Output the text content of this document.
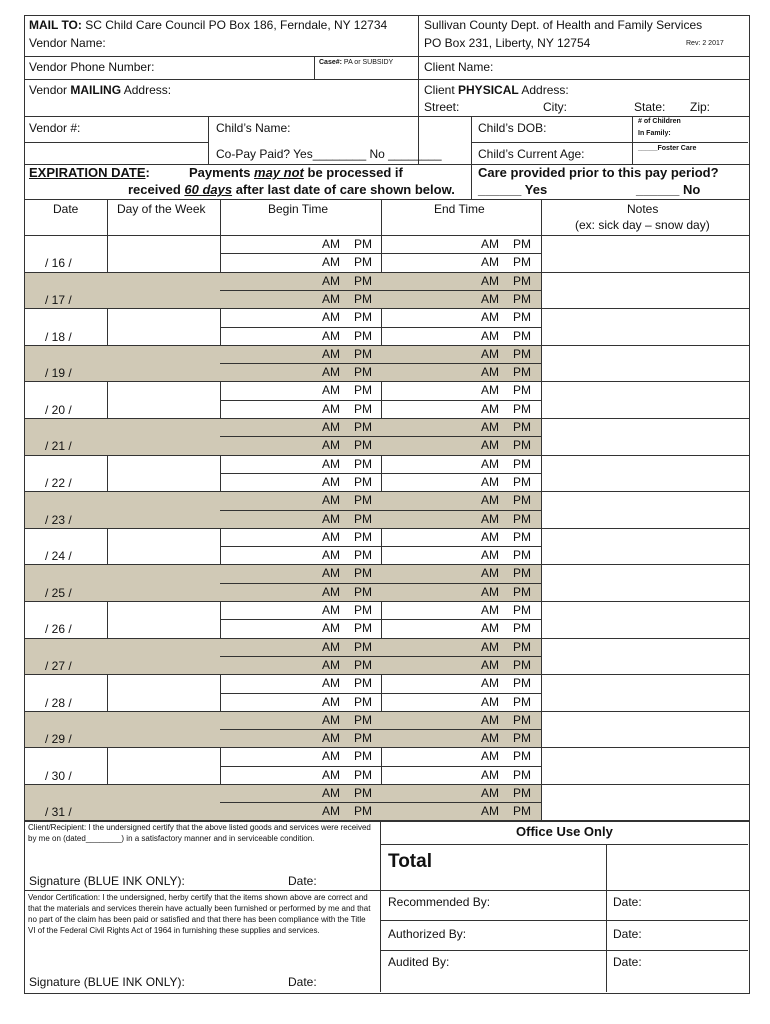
MAIL TO: SC Child Care Council PO Box 186, Ferndale, NY 12734
Vendor Name:
Sullivan County Dept. of Health and Family Services
PO Box 231, Liberty, NY 12754	Rev: 2 2017
Vendor Phone Number:	Case#: PA or SUBSIDY	Client Name:
Vendor MAILING Address:	Client PHYSICAL Address:
Street:	City:	State: Zip:
Vendor #:	Child’s Name:	Child’s DOB:	# of Children
In Family:
Co-Pay Paid? Yes________ No ________	Child’s Current Age:	_____Foster Care
EXPIRATION DATE:	Payments may not be processed if
received 60 days after last date of care shown below.
Care provided prior to this pay period?
______ Yes	______ No
Date	Day of the Week	Begin Time	End Time	Notes
(ex: sick day – snow day)
/ 16 /
AM PM	AM PM
AM PM	AM PM
/ 17 /
AM PM	AM PM
AM PM	AM PM
/ 18 /
AM PM	AM PM
AM PM	AM PM
/ 19 /
AM PM	AM PM
AM PM	AM PM
/ 20 /
AM PM	AM PM
AM PM	AM PM
/ 21 /
AM PM	AM PM
AM PM	AM PM
/ 22 /
AM PM	AM PM
AM PM	AM PM
/ 23 /
AM PM	AM PM
AM PM	AM PM
/ 24 /
AM PM	AM PM
AM PM	AM PM
/ 25 /
AM PM	AM PM
AM PM	AM PM
/ 26 /
AM PM	AM PM
AM PM	AM PM
/ 27 /
AM PM	AM PM
AM PM	AM PM
/ 28 /
AM PM	AM PM
AM PM	AM PM
/ 29 /
AM PM	AM PM
AM PM	AM PM
/ 30 /
AM PM	AM PM
AM PM	AM PM
/ 31 /
AM PM	AM PM
AM PM	AM PM
Client/Recipient: I the undersigned certify that the above listed goods and services were received by me on (dated________) in a satisfactory manner and in serviceable condition.
Signature (BLUE INK ONLY):	Date:
Office Use Only
Total
Vendor Certification: I the undersigned, herby certify that the items shown above are correct and that the materials and services therein have actually been furnished or performed by me and that no part of the claim has been paid or satisfied and that there has been compliance with the Title VI of the Federal Civil Rights Act of 1964 in furnishing these supplies and services.
Signature (BLUE INK ONLY):	Date:
Recommended By:	Date:
Authorized By:	Date:
Audited By:	Date:
